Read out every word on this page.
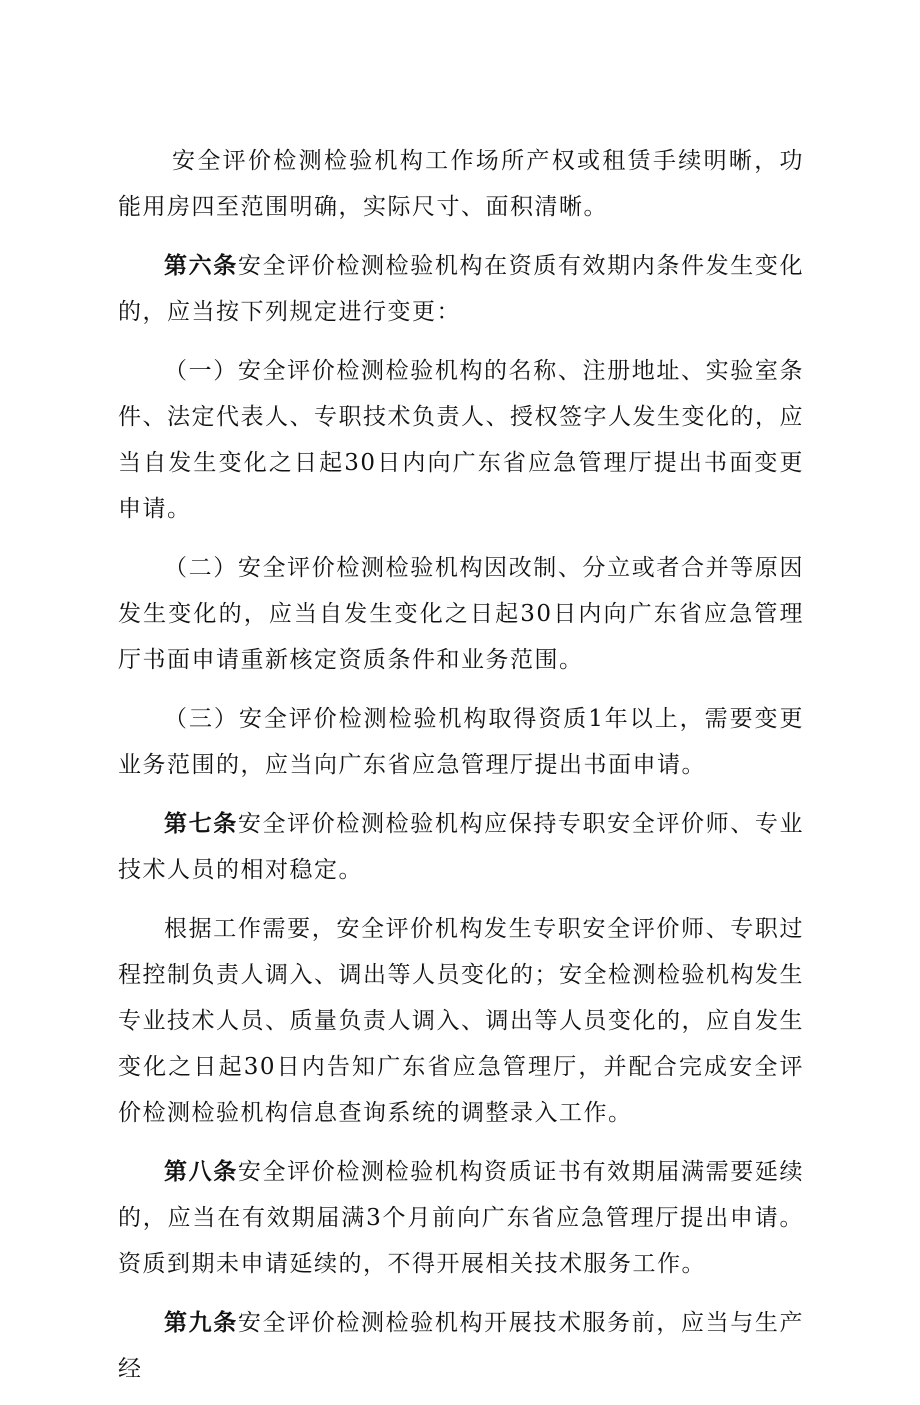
安全评价检测检验机构工作场所产权或租赁手续明晰，功能用房四至范围明确，实际尺寸、面积清晰。

第六条安全评价检测检验机构在资质有效期内条件发生变化的，应当按下列规定进行变更：

（一）安全评价检测检验机构的名称、注册地址、实验室条件、法定代表人、专职技术负责人、授权签字人发生变化的，应当自发生变化之日起30日内向广东省应急管理厅提出书面变更申请。

（二）安全评价检测检验机构因改制、分立或者合并等原因发生变化的，应当自发生变化之日起30日内向广东省应急管理厅书面申请重新核定资质条件和业务范围。

（三）安全评价检测检验机构取得资质1年以上，需要变更业务范围的，应当向广东省应急管理厅提出书面申请。

第七条安全评价检测检验机构应保持专职安全评价师、专业技术人员的相对稳定。

根据工作需要，安全评价机构发生专职安全评价师、专职过程控制负责人调入、调出等人员变化的；安全检测检验机构发生专业技术人员、质量负责人调入、调出等人员变化的，应自发生变化之日起30日内告知广东省应急管理厅，并配合完成安全评价检测检验机构信息查询系统的调整录入工作。

第八条安全评价检测检验机构资质证书有效期届满需要延续的，应当在有效期届满3个月前向广东省应急管理厅提出申请。资质到期未申请延续的，不得开展相关技术服务工作。

第九条安全评价检测检验机构开展技术服务前，应当与生产经
